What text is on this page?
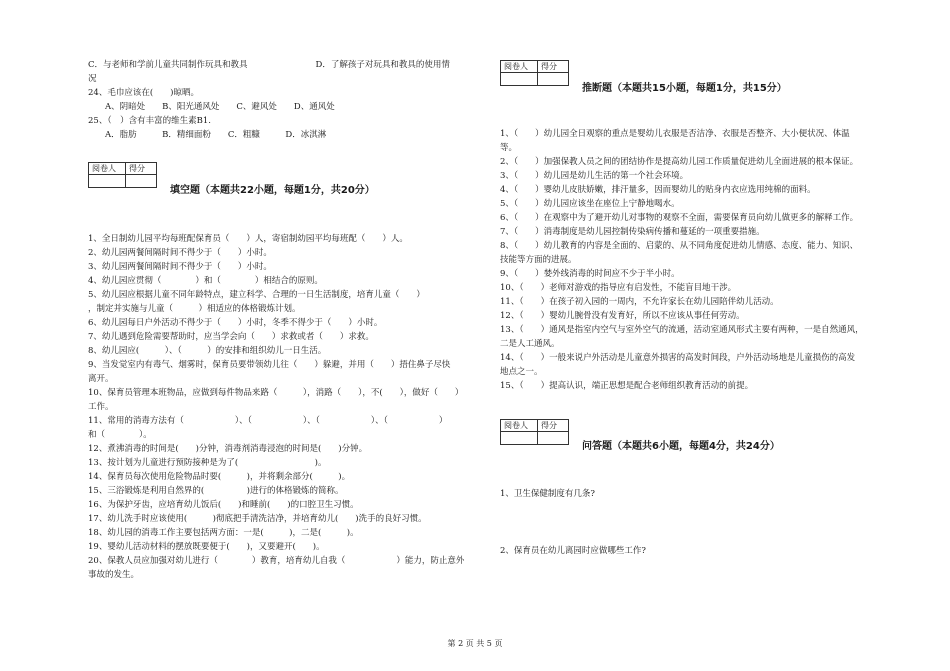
C．与老师和学前儿童共同制作玩具和教具　　　　　　　　D．了解孩子对玩具和教具的使用情
况
24、毛巾应该在(　　)晾晒。
　　A、阴暗处　　B、阳光通风处　　C、避风处　　D、通风处
25、（　）含有丰富的维生素B1.
　　A．脂肪　　　B．精细面粉　　C．粗糠　　　D．冰淇淋
阅卷人	得分

填空题（本题共22小题，每题1分，共20分）
1、全日制幼儿园平均每班配保育员（　　）人，寄宿制幼园平均每班配（　　）人。
2、幼儿园两餐间隔时间不得少于（　　）小时。
3、幼儿园两餐间隔时间不得少于（　　）小时。
4、幼儿园应贯彻（　　　　）和（　　　　）相结合的原则。
5、幼儿园应根据儿童不同年龄特点，建立科学、合理的一日生活制度，培育儿童（　　）
，制定并实施与儿童（　　　）相适应的体格锻炼计划。
6、幼儿园每日户外活动不得少于（　　）小时，冬季不得少于（　　）小时。
7、幼儿遇到危险需要帮助时，应当学会向（　　）求救或者（　　）求救。
8、幼儿园应(　　　）、（　　　）的安排和组织幼儿一日生活。
9、当发觉室内有毒气、烟雾时，保育员要带领幼儿往（　　）躲避，并用（　　）捂住鼻子尽快
离开。
10、保育员管理本班物品，应做到每件物品来路（　　　），消路（　　），不(　　），做好（　　）
工作。
11、常用的消毒方法有（　　　　　　）、（　　　　　　）、（　　　　　　）、（　　　　　　）
和（　　　　）。
12、煮沸消毒的时间是(　　)分钟，消毒剂消毒浸泡的时间是(　　)分钟。
13、按计划为儿童进行预防接种是为了(　　　　　　　　　)。
14、保育员每次使用危险物品时要(　　　)，并将剩余部分(　　　)。
15、三浴锻炼是利用自然界的(　　　　　)进行的体格锻炼的简称。
16、为保护牙齿，应培育幼儿饭后(　　)和睡前(　　)的口腔卫生习惯。
17、幼儿洗手时应该使用(　　　)彻底把手清洗洁净，并培育幼儿(　　)洗手的良好习惯。
18、幼儿园的消毒工作主要包括两方面：一是(　　　)，二是(　　　)。
19、婴幼儿活动材料的摆放既要便于(　　)，又要避开(　　)。
20、保教人员应加强对幼儿进行（　　　　）教育，培育幼儿自我（　　　　　　）能力，防止意外
事故的发生。
阅卷人	得分

推断题（本题共15小题，每题1分，共15分）
1、（　　）幼儿园全日观察的重点是婴幼儿衣服是否洁净、衣服是否整齐、大小便状况、体温
等。
2、（　　）加强保教人员之间的团结协作是提高幼儿园工作质量促进幼儿全面进展的根本保证。
3、（　　）幼儿园是幼儿生活的第一个社会环境。
4、（　　）婴幼儿皮肤娇嫩，排汗量多，因而婴幼儿的贴身内衣应选用纯棉的面料。
5、（　　）幼儿园应该坐在座位上宁静地喝水。
6、（　　）在观察中为了避开幼儿对事物的观察不全面，需要保育员向幼儿做更多的解释工作。
7、（　　）消毒制度是幼儿园控制传染病传播和蔓延的一项重要措施。
8、（　　）幼儿教育的内容是全面的、启蒙的、从不同角度促进幼儿情感、态度、能力、知识、
技能等方面的进展。
9、（　　）婪外线消毒的时间应不少于半小时。
10、（　　）老师对游戏的指导应有启发性，不能盲目地干涉。
11、（　　）在孩子初入园的一周内，不允许家长在幼儿园陪伴幼儿活动。
12、（　　）婴幼儿腕骨没有发育好，所以不应该从事任何劳动。
13、（　　）通风是指室内空气与室外空气的流通，活动室通风形式主要有两种，一是自然通风，
二是人工通风。
14、（　　）一般来说户外活动是儿童意外损害的高发时间段，户外活动场地是儿童损伤的高发
地点之一。
15、（　　）提高认识，端正思想是配合老师组织教育活动的前提。
阅卷人	得分

问答题（本题共6小题，每题4分，共24分）
1、卫生保健制度有几条?
2、保育员在幼儿离园时应做哪些工作?
第 2 页 共 5 页
